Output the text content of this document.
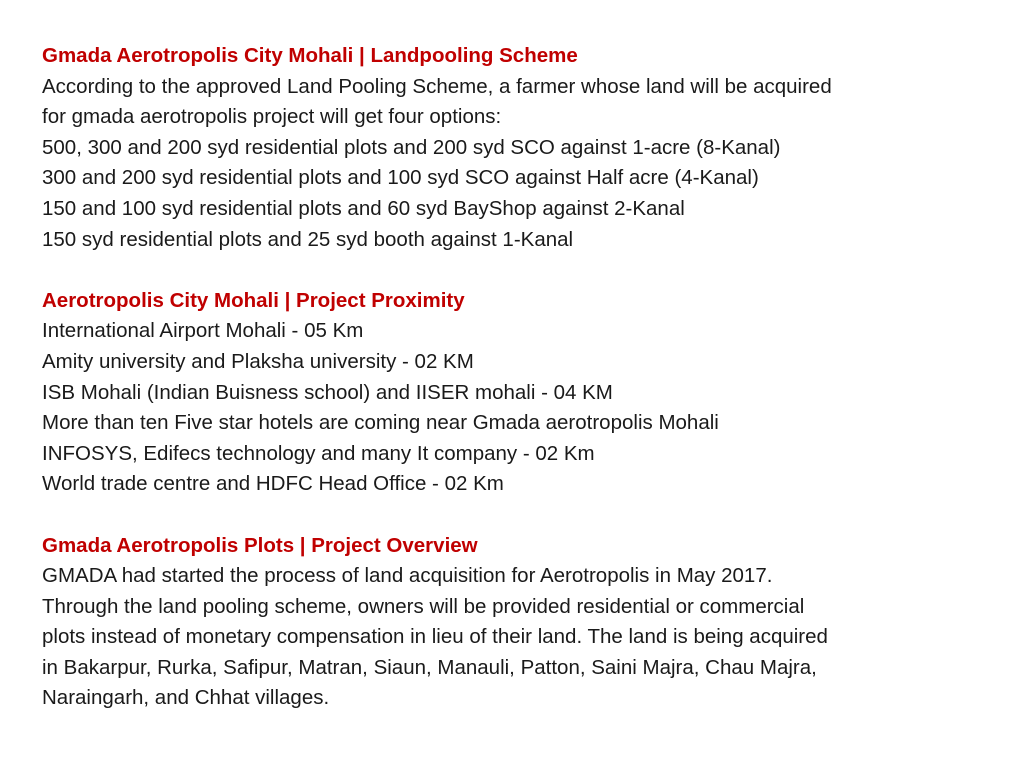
Gmada Aerotropolis City Mohali | Landpooling Scheme
According to the approved Land Pooling Scheme, a farmer whose land will be acquired
for gmada aerotropolis project will get four options:
500, 300 and 200 syd residential plots and 200 syd SCO against 1-acre (8-Kanal)
300 and 200 syd residential plots and 100 syd SCO against Half acre (4-Kanal)
150 and 100 syd residential plots and 60 syd BayShop against 2-Kanal
150 syd residential plots and 25 syd booth against 1-Kanal
Aerotropolis City Mohali | Project Proximity
International Airport Mohali - 05 Km
Amity university and Plaksha university - 02 KM
ISB Mohali (Indian Buisness school) and IISER mohali - 04 KM
More than ten Five star hotels are coming near Gmada aerotropolis Mohali
INFOSYS, Edifecs technology and many It company - 02 Km
World trade centre and HDFC Head Office - 02 Km
Gmada Aerotropolis Plots | Project Overview
GMADA had started the process of land acquisition for Aerotropolis in May 2017.
Through the land pooling scheme, owners will be provided residential or commercial
plots instead of monetary compensation in lieu of their land. The land is being acquired
in Bakarpur, Rurka, Safipur, Matran, Siaun, Manauli, Patton, Saini Majra, Chau Majra,
Naraingarh, and Chhat villages.
